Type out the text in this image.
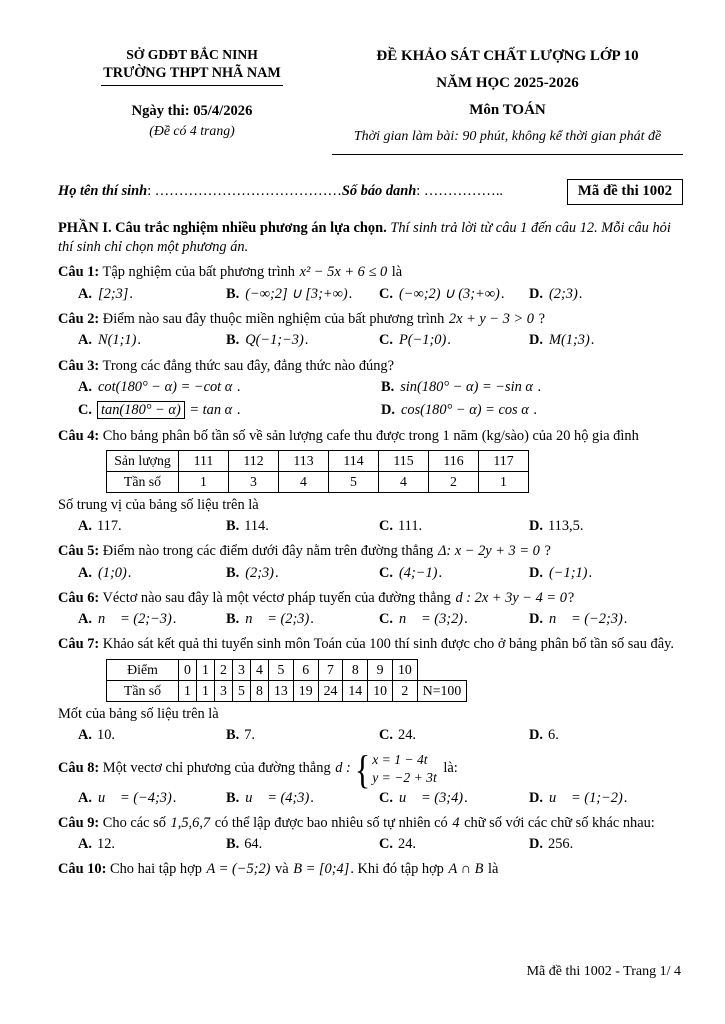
SỞ GDĐT BẮC NINH
TRƯỜNG THPT NHÃ NAM
Ngày thi: 05/4/2026
(Đề có 4 trang)
ĐỀ KHẢO SÁT CHẤT LƯỢNG LỚP 10
NĂM HỌC 2025-2026
Môn TOÁN
Thời gian làm bài: 90 phút, không kể thời gian phát đề
Họ tên thí sinh: …………………………………Số báo danh: ……………..	Mã đề thi 1002
PHẦN I. Câu trắc nghiệm nhiều phương án lựa chọn. Thí sinh trả lời từ câu 1 đến câu 12. Mỗi câu hỏi thí sinh chỉ chọn một phương án.
Câu 1: Tập nghiệm của bất phương trình x² − 5x + 6 ≤ 0 là
A. [2;3].	B. (−∞;2] ∪ [3;+∞).	C. (−∞;2) ∪ (3;+∞).	D. (2;3).
Câu 2: Điểm nào sau đây thuộc miền nghiệm của bất phương trình 2x + y − 3 > 0 ?
A. N(1;1).	B. Q(−1;−3).	C. P(−1;0).	D. M(1;3).
Câu 3: Trong các đẳng thức sau đây, đẳng thức nào đúng?
A. cot(180° − α) = −cot α .	B. sin(180° − α) = −sin α .
C. tan(180° − α) = tan α .	D. cos(180° − α) = cos α .
Câu 4: Cho bảng phân bố tần số về sản lượng cafe thu được trong 1 năm (kg/sào) của 20 hộ gia đình
Sản lượng	111	112	113	114	115	116	117
Tần số	1	3	4	5	4	2	1
Số trung vị của bảng số liệu trên là
A. 117.	B. 114.	C. 111.	D. 113,5.
Câu 5: Điểm nào trong các điểm dưới đây nằm trên đường thẳng Δ: x − 2y + 3 = 0 ?
A. (1;0).	B. (2;3).	C. (4;−1).	D. (−1;1).
Câu 6: Véctơ nào sau đây là một véctơ pháp tuyến của đường thẳng d : 2x + 3y − 4 = 0?
A. n⃗ = (2;−3).	B. n⃗ = (2;3).	C. n⃗ = (3;2).	D. n⃗ = (−2;3).
Câu 7: Khảo sát kết quả thi tuyển sinh môn Toán của 100 thí sinh được cho ở bảng phân bố tần số sau đây.
Điểm	0	1	2	3	4	5	6	7	8	9	10	
Tần số	1	1	3	5	8	13	19	24	14	10	2	N=100
Mốt của bảng số liệu trên là
A. 10.	B. 7.	C. 24.	D. 6.
Câu 8: Một vectơ chỉ phương của đường thẳng d : { x = 1 − 4t
y = −2 + 3t
là:
A. u⃗ = (−4;3).	B. u⃗ = (4;3).	C. u⃗ = (3;4).	D. u⃗ = (1;−2).
Câu 9: Cho các số 1,5,6,7 có thể lập được bao nhiêu số tự nhiên có 4 chữ số với các chữ số khác nhau:
A. 12.	B. 64.	C. 24.	D. 256.
Câu 10: Cho hai tập hợp A = (−5;2) và B = [0;4]. Khi đó tập hợp A ∩ B là
Mã đề thi 1002 - Trang 1/ 4
